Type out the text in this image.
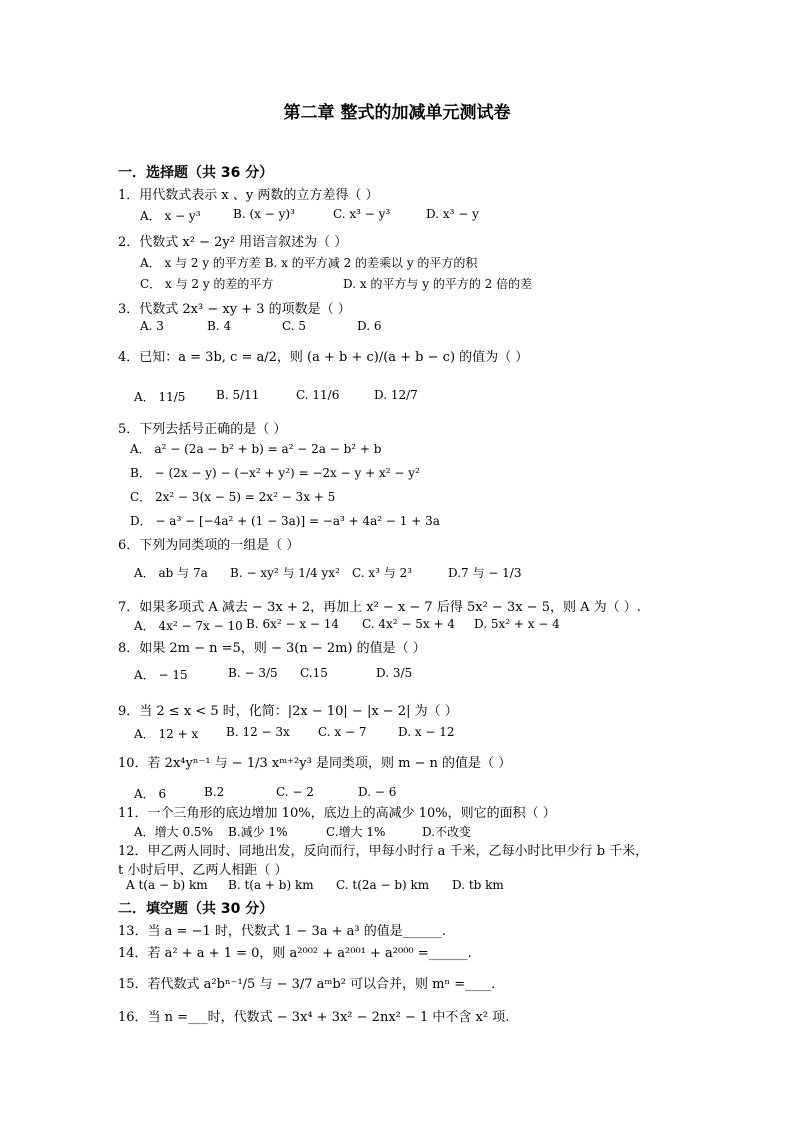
第二章 整式的加减单元测试卷
一．选择题（共 36 分）
1．用代数式表示 x 、y 两数的立方差得（ ）
A． x − y³	B. (x − y)³	C. x³ − y³	D. x³ − y
2．代数式 x² − 2y² 用语言叙述为（ ）
A． x 与 2 y 的平方差 B. x 的平方减 2 的差乘以 y 的平方的积
C． x 与 2 y 的差的平方	D. x 的平方与 y 的平方的 2 倍的差
3．代数式 2x³ − xy + 3 的项数是（ ）
A. 3	B. 4	C. 5	D. 6
4．已知：a = 3b, c = a/2，则 (a + b + c)/(a + b − c) 的值为（ ）
A． 11/5	B. 5/11	C. 11/6	D. 12/7
5．下列去括号正确的是（ ）
A． a² − (2a − b² + b) = a² − 2a − b² + b
B． − (2x − y) − (−x² + y²) = −2x − y + x² − y²
C． 2x² − 3(x − 5) = 2x² − 3x + 5
D． − a³ − [−4a² + (1 − 3a)] = −a³ + 4a² − 1 + 3a
6．下列为同类项的一组是（ ）
A． ab 与 7a B. − xy² 与 1/4 yx² C. x³ 与 2³	D.7 与 − 1/3
7．如果多项式 A 减去 − 3x + 2，再加上 x² − x − 7 后得 5x² − 3x − 5，则 A 为（ ）.
A． 4x² − 7x − 10 B. 6x² − x − 14 C. 4x² − 5x + 4 D. 5x² + x − 4
8．如果 2m − n =5，则 − 3(n − 2m) 的值是（ ）
A． − 15	B. − 3/5 C.15	D. 3/5
9．当 2 ≤ x < 5 时，化简：|2x − 10| − |x − 2| 为（ ）
A． 12 + x B. 12 − 3x C. x − 7	D. x − 12
10．若 2x⁴yⁿ⁻¹ 与 − 1/3 xᵐ⁺²y³ 是同类项，则 m − n 的值是（ ）
A． 6	B.2	C. − 2	D. − 6
11．一个三角形的底边增加 10%，底边上的高减少 10%，则它的面积（ ）
A．增大 0.5% B.减少 1%	C.增大 1%	D.不改变
12．甲乙两人同时、同地出发，反向而行，甲每小时行 a 千米，乙每小时比甲少行 b 千米，
t 小时后甲、乙两人相距（ ）
A t(a − b) km B. t(a + b) km C. t(2a − b) km D. tb km
二．填空题（共 30 分）
13．当 a = −1 时，代数式 1 − 3a + a³ 的值是______.
14．若 a² + a + 1 = 0，则 a²⁰⁰² + a²⁰⁰¹ + a²⁰⁰⁰ =______.
15．若代数式 a²bⁿ⁻¹/5 与 − 3/7 aᵐb² 可以合并，则 mⁿ =____.
16．当 n =___时，代数式 − 3x⁴ + 3x² − 2nx² − 1 中不含 x² 项.
